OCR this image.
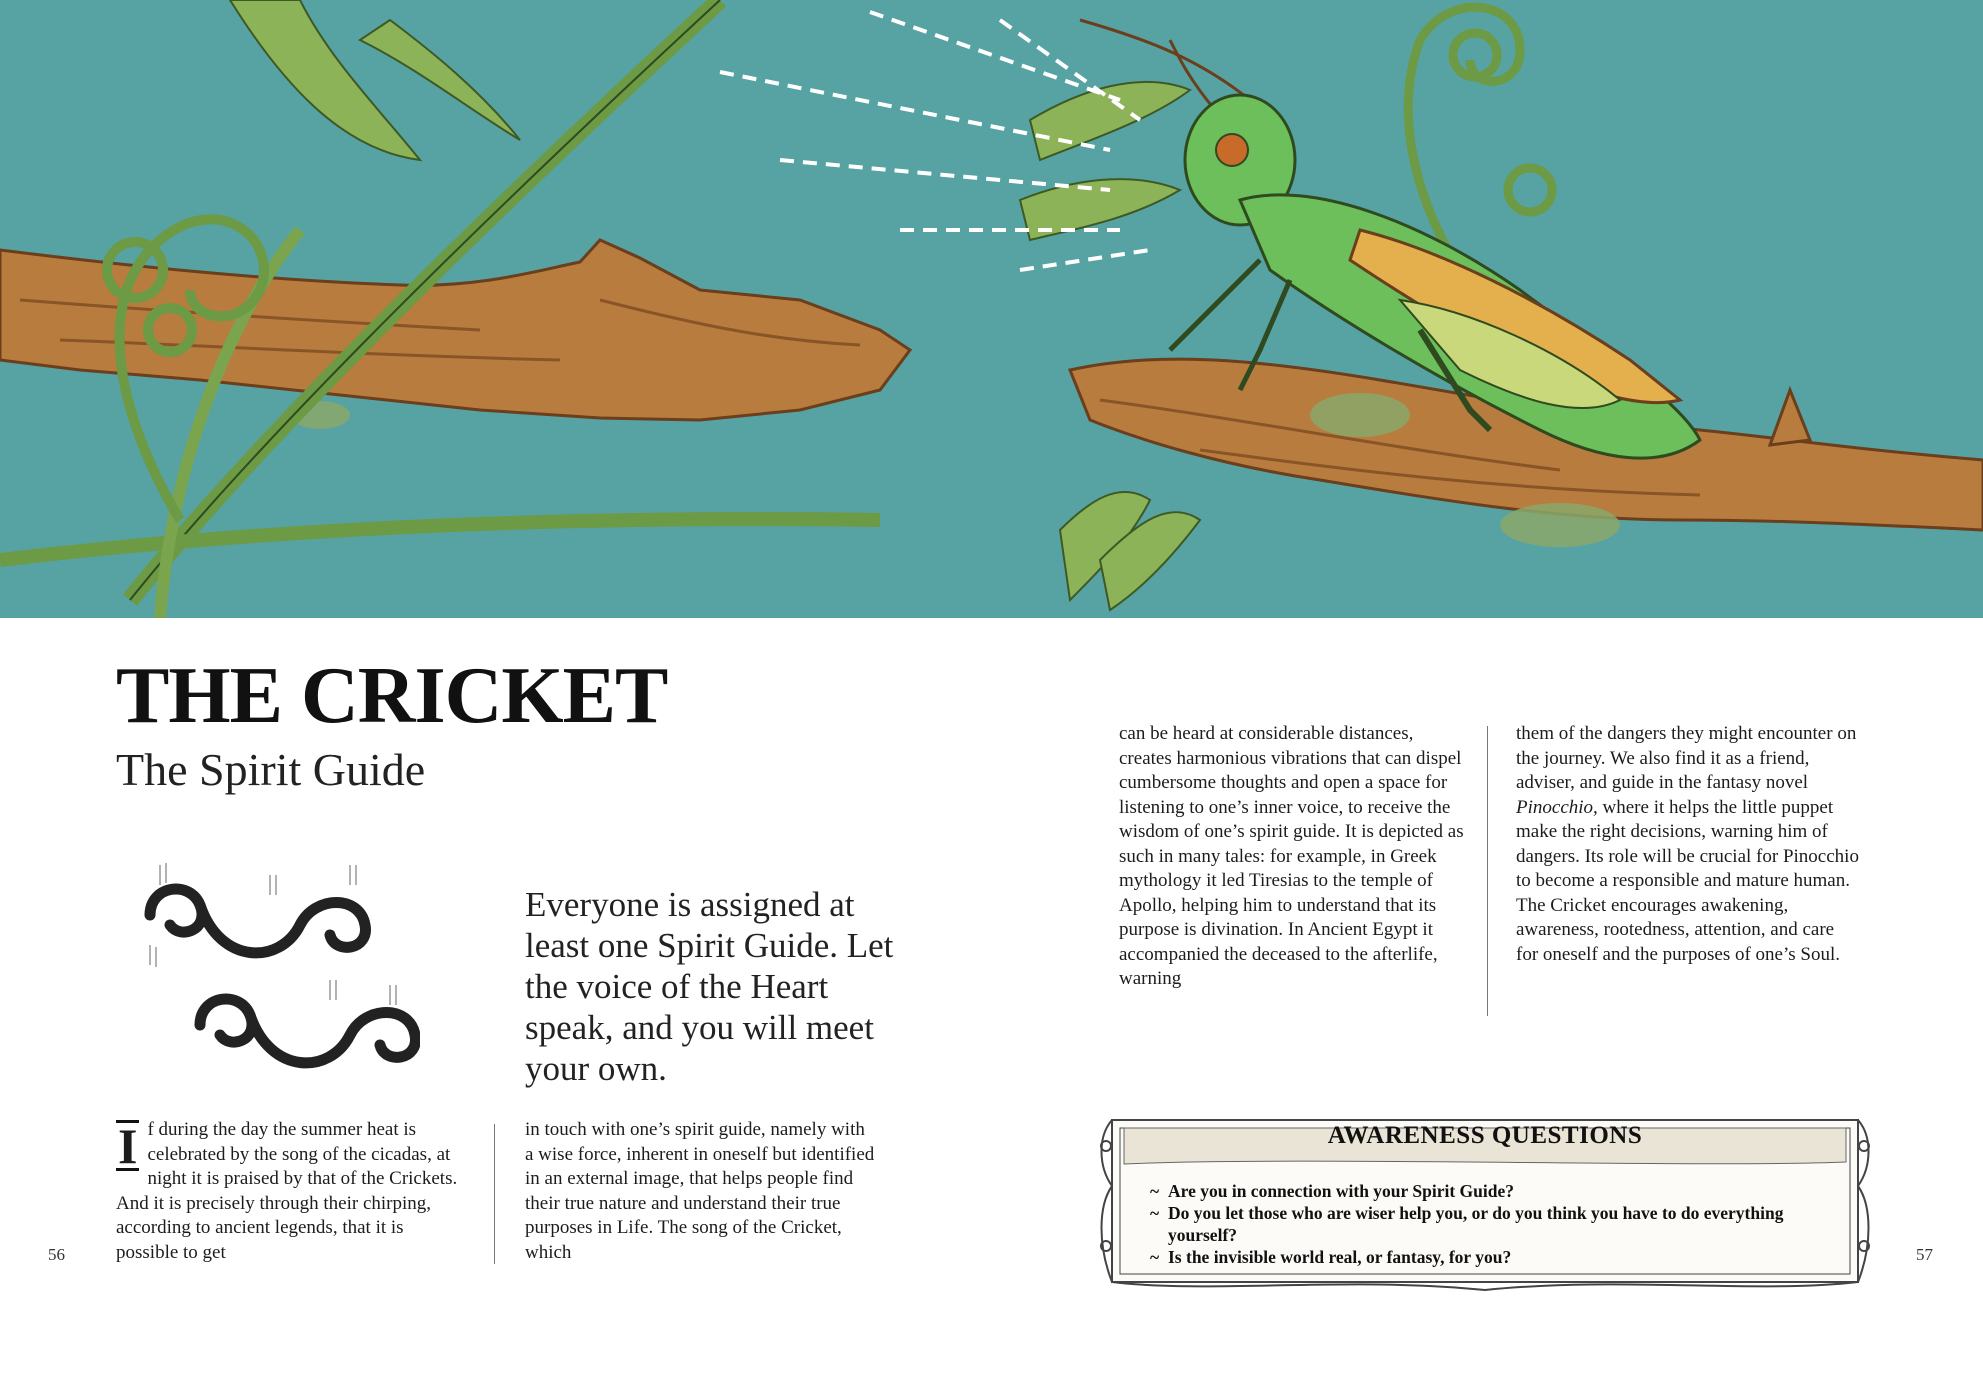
THE CRICKET
The Spirit Guide

Everyone is assigned at least one Spirit Guide. Let the voice of the Heart speak, and you will meet your own.

I f during the day the summer heat is celebrated by the song of the cicadas, at night it is praised by that of the Crickets. And it is precisely through their chirping, according to ancient legends, that it is possible to get

in touch with one’s spirit guide, namely with a wise force, inherent in oneself but identified in an external image, that helps people find their true nature and understand their true purposes in Life. The song of the Cricket, which

can be heard at considerable distances, creates harmonious vibrations that can dispel cumbersome thoughts and open a space for listening to one’s inner voice, to receive the wisdom of one’s spirit guide. It is depicted as such in many tales: for example, in Greek mythology it led Tiresias to the temple of Apollo, helping him to understand that its purpose is divination. In Ancient Egypt it accompanied the deceased to the afterlife, warning

them of the dangers they might encounter on the journey. We also find it as a friend, adviser, and guide in the fantasy novel Pinocchio, where it helps the little puppet make the right decisions, warning him of dangers. Its role will be crucial for Pinocchio to become a responsible and mature human. The Cricket encourages awakening, awareness, rootedness, attention, and care for oneself and the purposes of one’s Soul.

AWARENESS QUESTIONS
~ Are you in connection with your Spirit Guide?
~ Do you let those who are wiser help you, or do you think you have to do everything yourself?
~ Is the invisible world real, or fantasy, for you?
56	57
